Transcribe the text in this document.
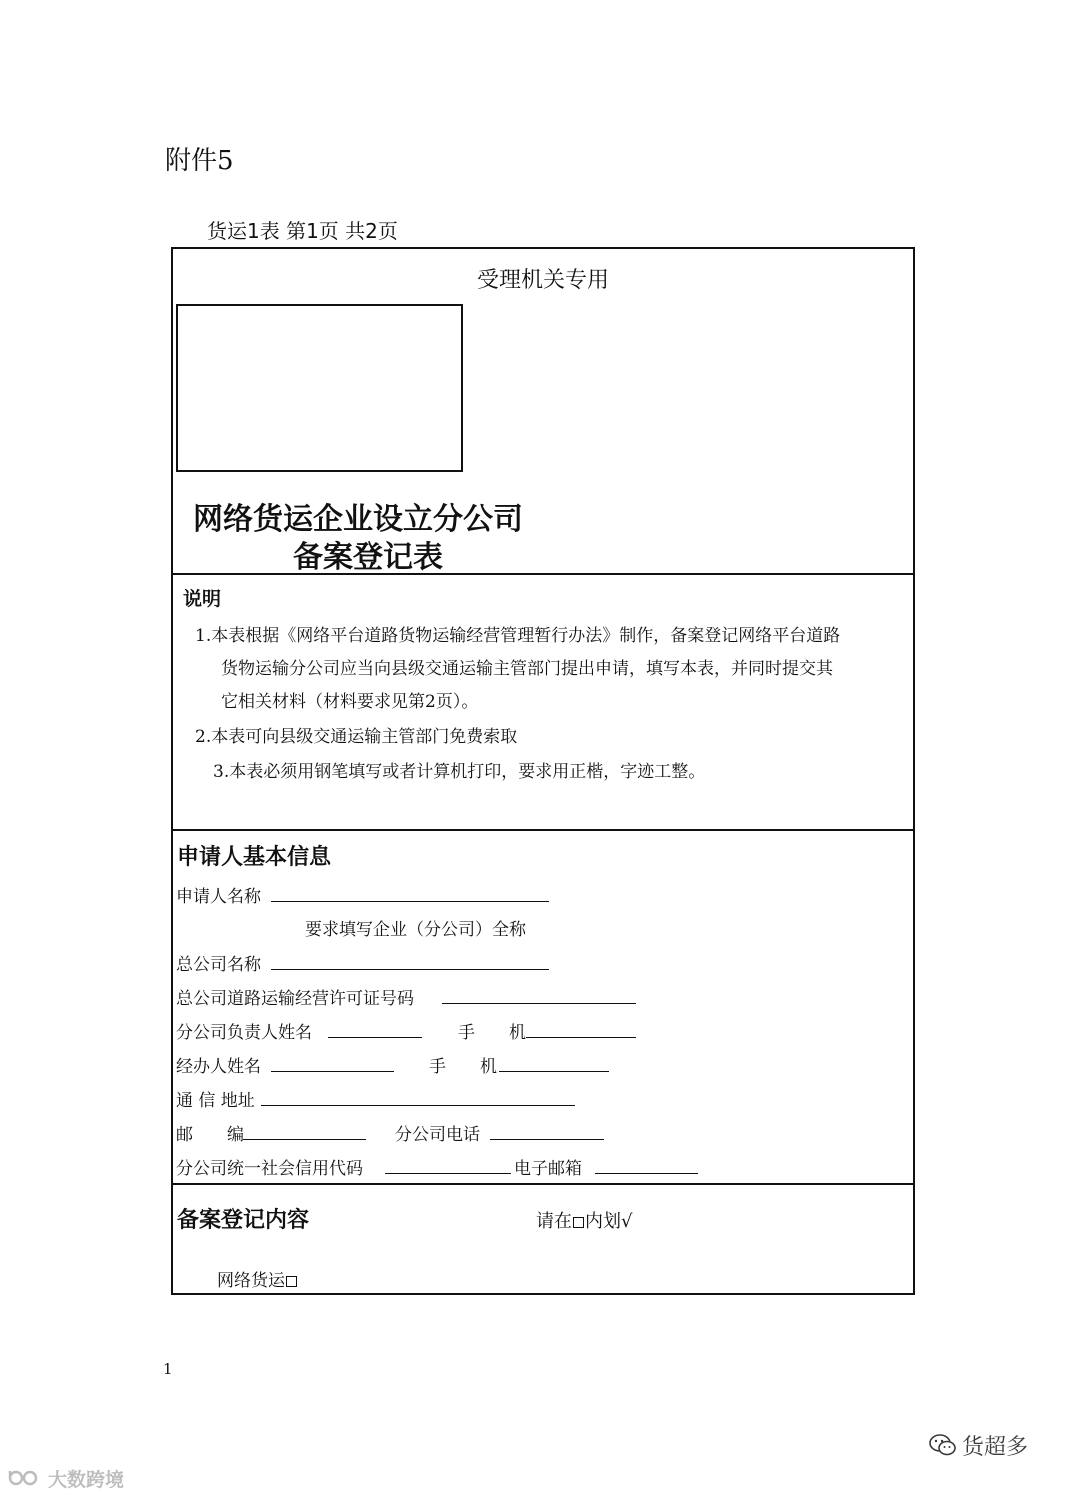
附件5
货运1表 第1页 共2页
受理机关专用
网络货运企业设立分公司
备案登记表
说明
1.本表根据《网络平台道路货物运输经营管理暂行办法》制作，备案登记网络平台道路
货物运输分公司应当向县级交通运输主管部门提出申请，填写本表，并同时提交其
它相关材料（材料要求见第2页）。
2.本表可向县级交通运输主管部门免费索取
3.本表必须用钢笔填写或者计算机打印，要求用正楷，字迹工整。
申请人基本信息
申请人名称
要求填写企业（分公司）全称
总公司名称
总公司道路运输经营许可证号码
分公司负责人姓名	手　　机
经办人姓名	手　　机
通 信 地址
邮　　编	分公司电话
分公司统一社会信用代码	电子邮箱
备案登记内容	请在 内划√
网络货运
1
货超多
大数跨境
